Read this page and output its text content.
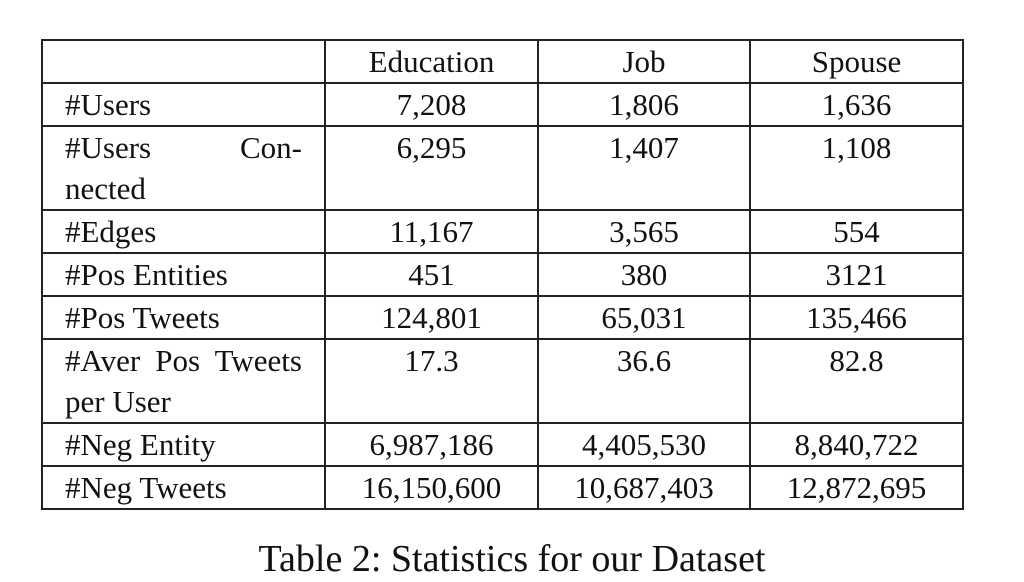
	Education	Job	Spouse
#Users	7,208	1,806	1,636
#Users Con- nected	6,295	1,407	1,108
#Edges	11,167	3,565	554
#Pos Entities	451	380	3121
#Pos Tweets	124,801	65,031	135,466
#Aver Pos Tweets per User	17.3	36.6	82.8
#Neg Entity	6,987,186	4,405,530	8,840,722
#Neg Tweets	16,150,600	10,687,403	12,872,695

Table 2: Statistics for our Dataset
